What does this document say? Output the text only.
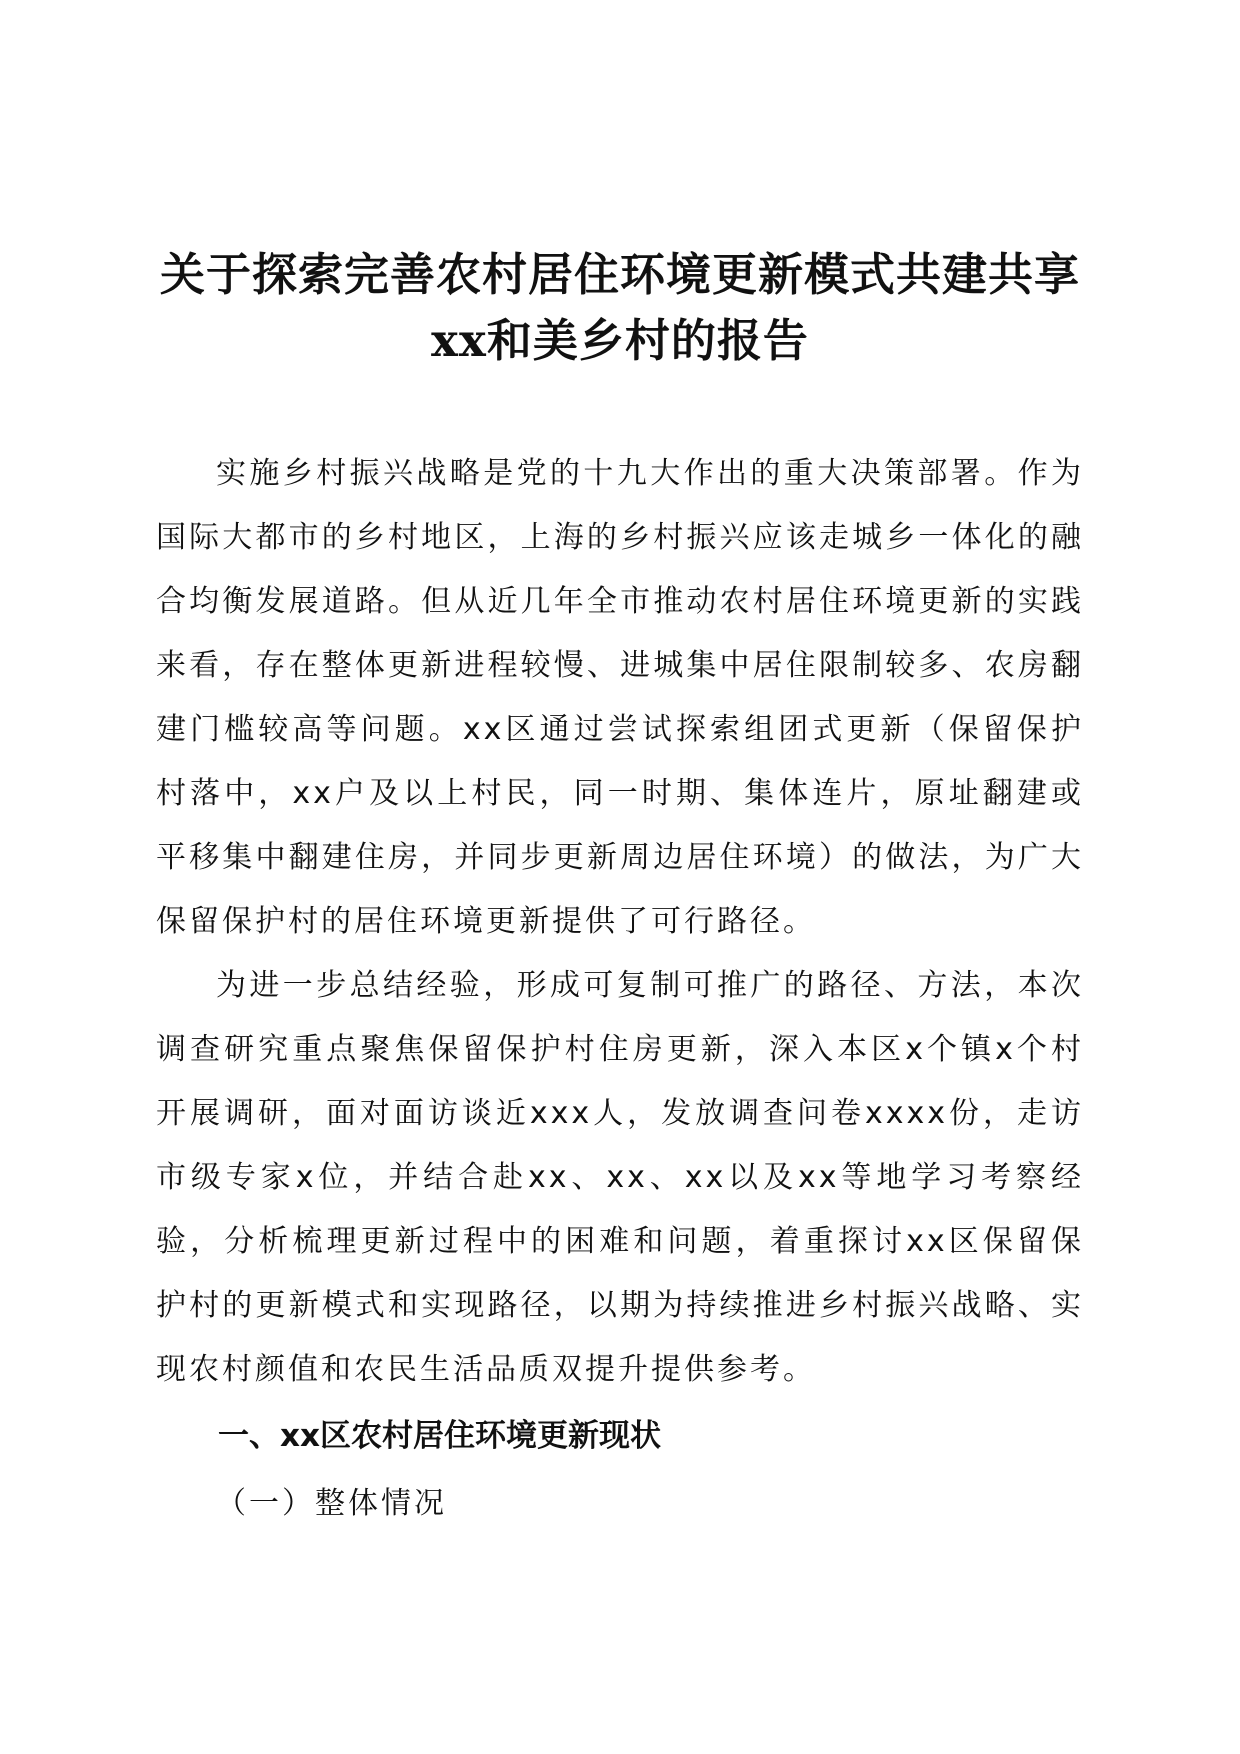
关于探索完善农村居住环境更新模式共建共享
xx和美乡村的报告

实施乡村振兴战略是党的十九大作出的重大决策部署。作为国际大都市的乡村地区，上海的乡村振兴应该走城乡一体化的融合均衡发展道路。但从近几年全市推动农村居住环境更新的实践来看，存在整体更新进程较慢、进城集中居住限制较多、农房翻建门槛较高等问题。xx区通过尝试探索组团式更新（保留保护村落中，xx户及以上村民，同一时期、集体连片，原址翻建或平移集中翻建住房，并同步更新周边居住环境）的做法，为广大保留保护村的居住环境更新提供了可行路径。

为进一步总结经验，形成可复制可推广的路径、方法，本次调查研究重点聚焦保留保护村住房更新，深入本区x个镇x个村开展调研，面对面访谈近xxx人，发放调查问卷xxxx份，走访市级专家x位，并结合赴xx、xx、xx以及xx等地学习考察经验，分析梳理更新过程中的困难和问题，着重探讨xx区保留保护村的更新模式和实现路径，以期为持续推进乡村振兴战略、实现农村颜值和农民生活品质双提升提供参考。

一、xx区农村居住环境更新现状

（一）整体情况
